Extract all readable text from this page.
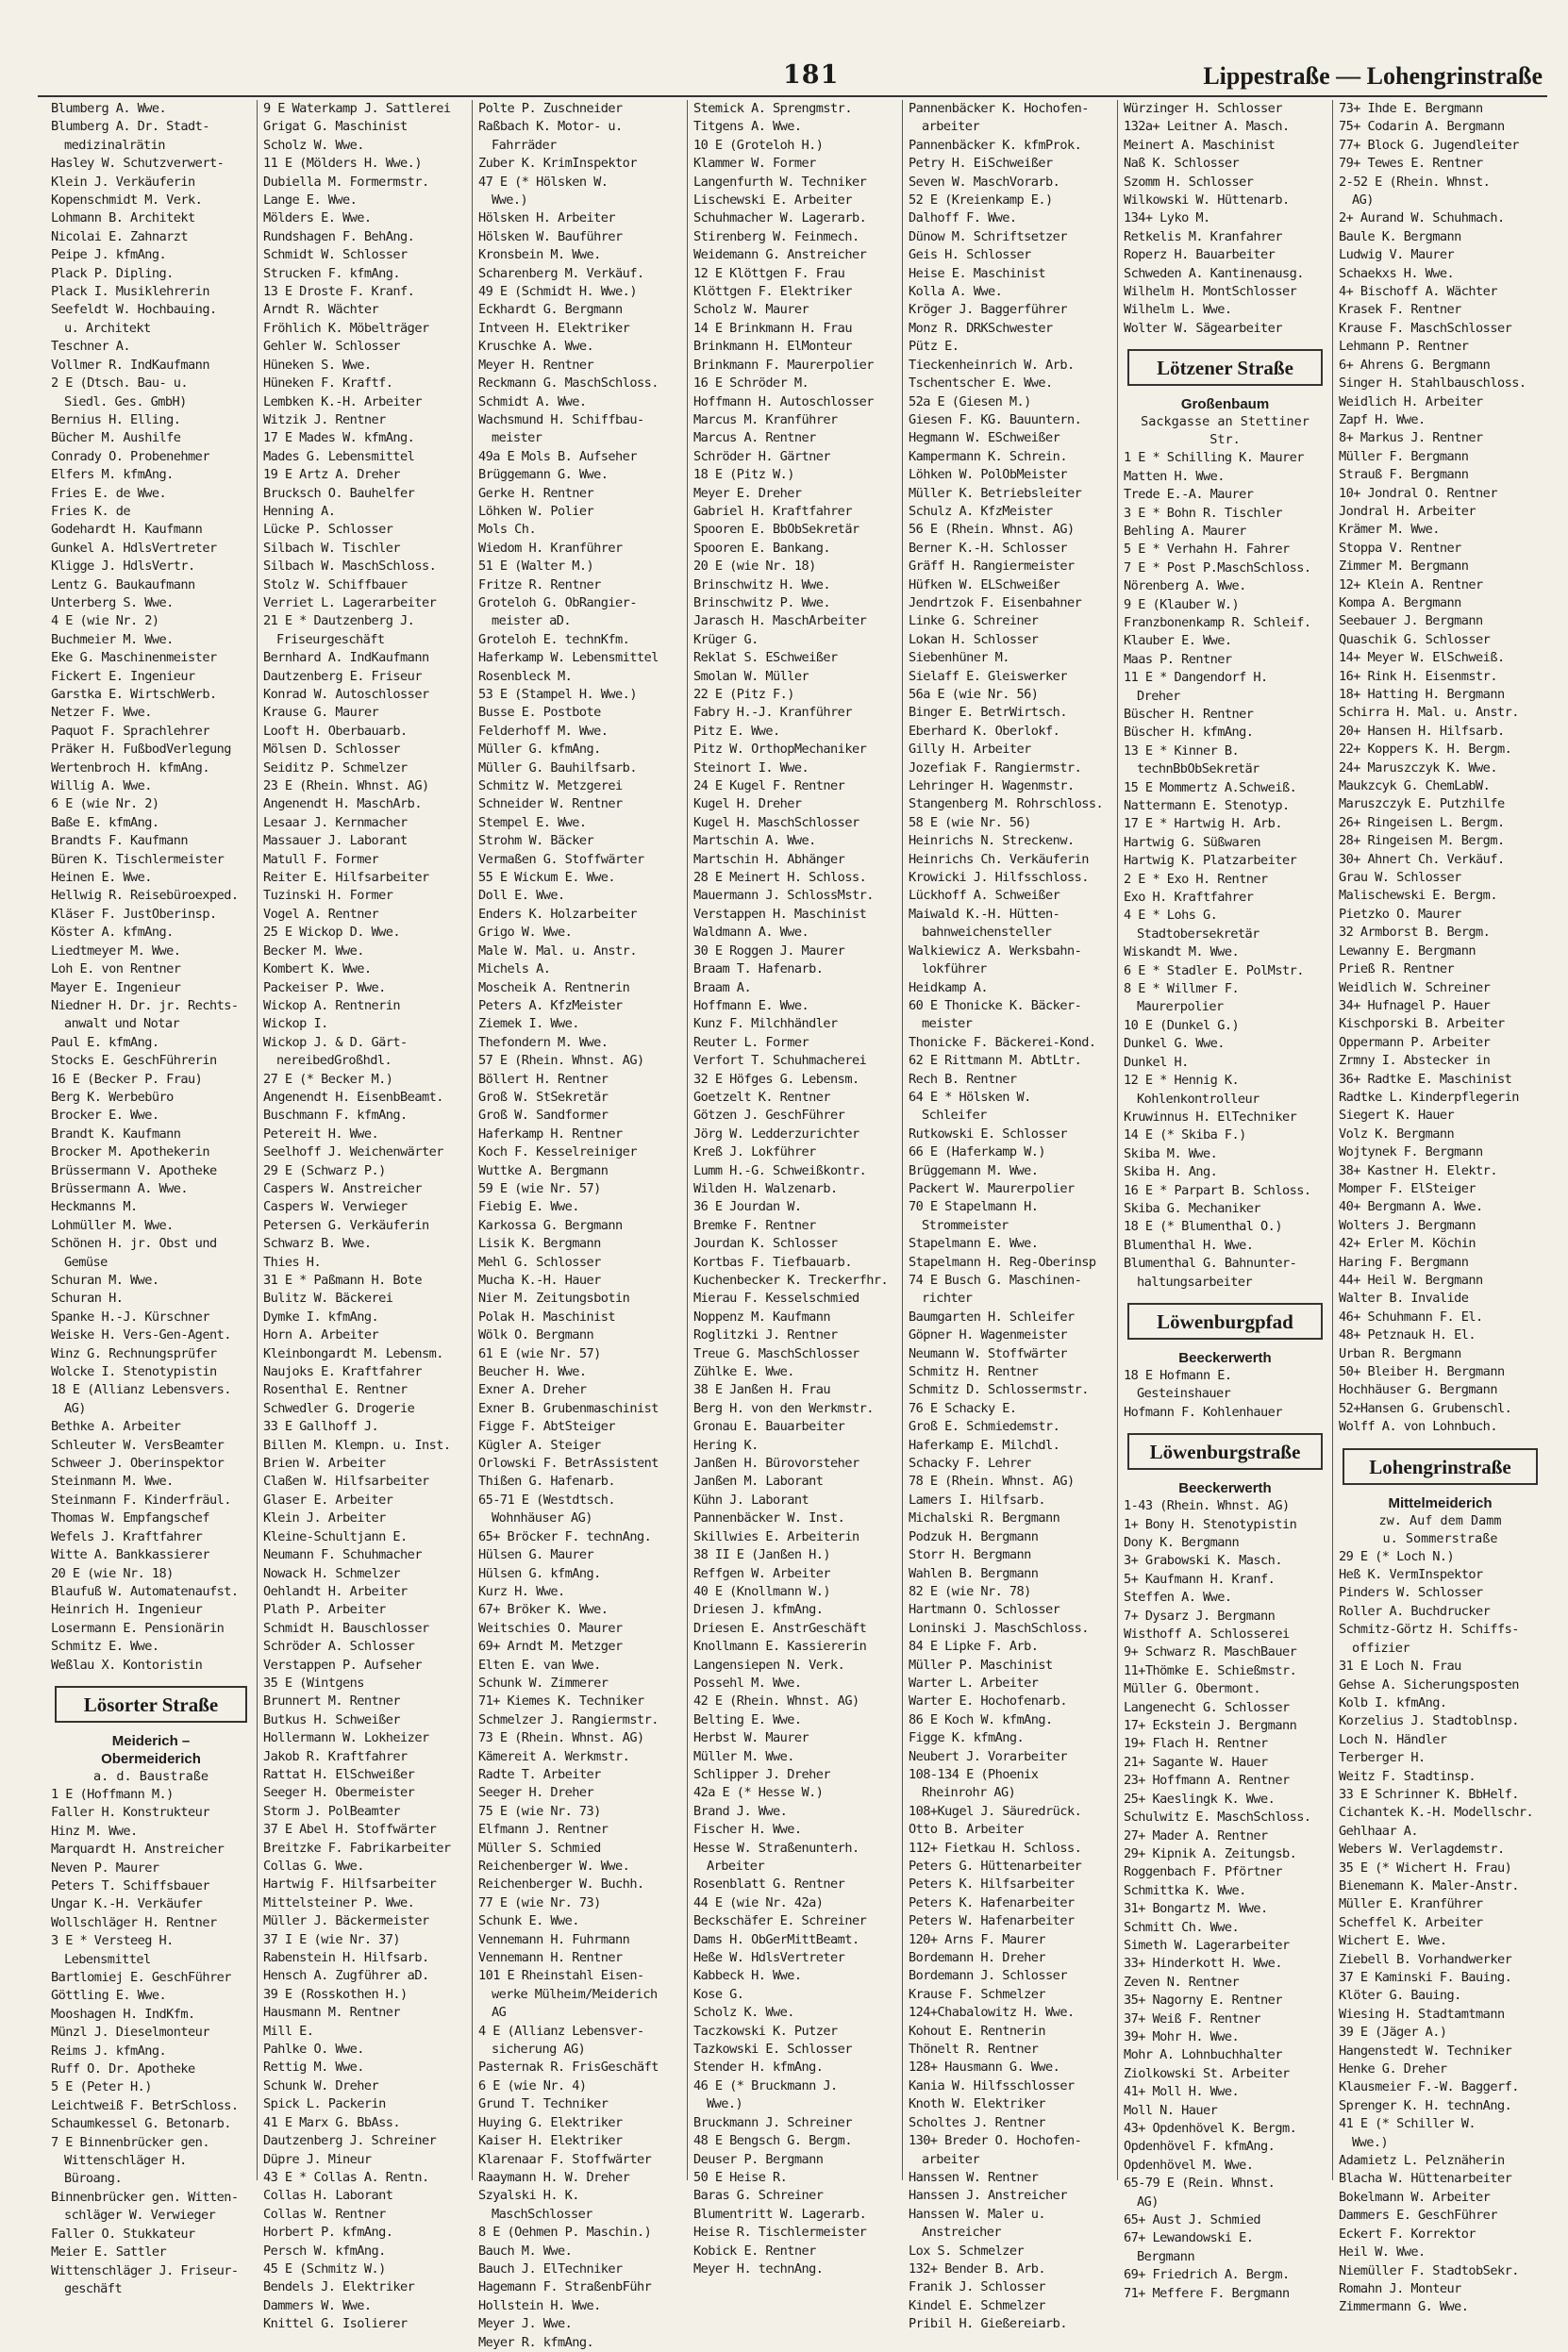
181	Lippestraße — Lohengrinstraße
Blumberg A. Wwe.
Blumberg A. Dr. Stadt-
medizinalrätin
Hasley W. Schutzverwert-
Klein J. Verkäuferin
Kopenschmidt M. Verk.
Lohmann B. Architekt
Nicolai E. Zahnarzt
Peipe J. kfmAng.
Plack P. Dipling.
Plack I. Musiklehrerin
Seefeldt W. Hochbauing.
u. Architekt
Teschner A.
Vollmer R. IndKaufmann
2 E (Dtsch. Bau- u.
Siedl. Ges. GmbH)
Bernius H. Elling.
Bücher M. Aushilfe
Conrady O. Probenehmer
Elfers M. kfmAng.
Fries E. de Wwe.
Fries K. de
Godehardt H. Kaufmann
Gunkel A. HdlsVertreter
Kligge J. HdlsVertr.
Lentz G. Baukaufmann
Unterberg S. Wwe.
4 E (wie Nr. 2)
Buchmeier M. Wwe.
Eke G. Maschinenmeister
Fickert E. Ingenieur
Garstka E. WirtschWerb.
Netzer F. Wwe.
Paquot F. Sprachlehrer
Präker H. FußbodVerlegung
Wertenbroch H. kfmAng.
Willig A. Wwe.
6 E (wie Nr. 2)
Baße E. kfmAng.
Brandts F. Kaufmann
Büren K. Tischlermeister
Heinen E. Wwe.
Hellwig R. Reisebüroexped.
Kläser F. JustOberinsp.
Köster A. kfmAng.
Liedtmeyer M. Wwe.
Loh E. von Rentner
Mayer E. Ingenieur
Niedner H. Dr. jr. Rechts-
anwalt und Notar
Paul E. kfmAng.
Stocks E. GeschFührerin
16 E (Becker P. Frau)
Berg K. Werbebüro
Brocker E. Wwe.
Brandt K. Kaufmann
Brocker M. Apothekerin
Brüssermann V. Apotheke
Brüssermann A. Wwe.
Heckmanns M.
Lohmüller M. Wwe.
Schönen H. jr. Obst und
Gemüse
Schuran M. Wwe.
Schuran H.
Spanke H.-J. Kürschner
Weiske H. Vers-Gen-Agent.
Winz G. Rechnungsprüfer
Wolcke I. Stenotypistin
18 E (Allianz Lebensvers.
AG)
Bethke A. Arbeiter
Schleuter W. VersBeamter
Schweer J. Oberinspektor
Steinmann M. Wwe.
Steinmann F. Kinderfräul.
Thomas W. Empfangschef
Wefels J. Kraftfahrer
Witte A. Bankkassierer
20 E (wie Nr. 18)
Blaufuß W. Automatenaufst.
Heinrich H. Ingenieur
Losermann E. Pensionärin
Schmitz E. Wwe.
Weßlau X. Kontoristin
Lösorter Straße
Meiderich –
Obermeiderich
a. d. Baustraße
1 E (Hoffmann M.)
Faller H. Konstrukteur
Hinz M. Wwe.
Marquardt H. Anstreicher
Neven P. Maurer
Peters T. Schiffsbauer
Ungar K.-H. Verkäufer
Wollschläger H. Rentner
3 E * Versteeg H.
Lebensmittel
Bartlomiej E. GeschFührer
Göttling E. Wwe.
Mooshagen H. IndKfm.
Münzl J. Dieselmonteur
Reims J. kfmAng.
Ruff O. Dr. Apotheke
5 E (Peter H.)
Leichtweiß F. BetrSchloss.
Schaumkessel G. Betonarb.
7 E Binnenbrücker gen.
Wittenschläger H.
Büroang.
Binnenbrücker gen. Witten-
schläger W. Verwieger
Faller O. Stukkateur
Meier E. Sattler
Wittenschläger J. Friseur-
geschäft
9 E Waterkamp J. Sattlerei
Grigat G. Maschinist
Scholz W. Wwe.
11 E (Mölders H. Wwe.)
Dubiella M. Formermstr.
Lange E. Wwe.
Mölders E. Wwe.
Rundshagen F. BehAng.
Schmidt W. Schlosser
Strucken F. kfmAng.
13 E Droste F. Kranf.
Arndt R. Wächter
Fröhlich K. Möbelträger
Gehler W. Schlosser
Hüneken S. Wwe.
Hüneken F. Kraftf.
Lembken K.-H. Arbeiter
Witzik J. Rentner
17 E Mades W. kfmAng.
Mades G. Lebensmittel
19 E Artz A. Dreher
Brucksch O. Bauhelfer
Henning A.
Lücke P. Schlosser
Silbach W. Tischler
Silbach W. MaschSchloss.
Stolz W. Schiffbauer
Verriet L. Lagerarbeiter
21 E * Dautzenberg J.
Friseurgeschäft
Bernhard A. IndKaufmann
Dautzenberg E. Friseur
Konrad W. Autoschlosser
Krause G. Maurer
Looft H. Oberbauarb.
Mölsen D. Schlosser
Seiditz P. Schmelzer
23 E (Rhein. Whnst. AG)
Angenendt H. MaschArb.
Lesaar J. Kernmacher
Massauer J. Laborant
Matull F. Former
Reiter E. Hilfsarbeiter
Tuzinski H. Former
Vogel A. Rentner
25 E Wickop D. Wwe.
Becker M. Wwe.
Kombert K. Wwe.
Packeiser P. Wwe.
Wickop A. Rentnerin
Wickop I.
Wickop J. & D. Gärt-
nereibedGroßhdl.
27 E (* Becker M.)
Angenendt H. EisenbBeamt.
Buschmann F. kfmAng.
Petereit H. Wwe.
Seelhoff J. Weichenwärter
29 E (Schwarz P.)
Caspers W. Anstreicher
Caspers W. Verwieger
Petersen G. Verkäuferin
Schwarz B. Wwe.
Thies H.
31 E * Paßmann H. Bote
Bulitz W. Bäckerei
Dymke I. kfmAng.
Horn A. Arbeiter
Kleinbongardt M. Lebensm.
Naujoks E. Kraftfahrer
Rosenthal E. Rentner
Schwedler G. Drogerie
33 E Gallhoff J.
Billen M. Klempn. u. Inst.
Brien W. Arbeiter
Claßen W. Hilfsarbeiter
Glaser E. Arbeiter
Klein J. Arbeiter
Kleine-Schultjann E.
Neumann F. Schuhmacher
Nowack H. Schmelzer
Oehlandt H. Arbeiter
Plath P. Arbeiter
Schmidt H. Bauschlosser
Schröder A. Schlosser
Verstappen P. Aufseher
35 E (Wintgens
Brunnert M. Rentner
Butkus H. Schweißer
Hollermann W. Lokheizer
Jakob R. Kraftfahrer
Rattat H. ElSchweißer
Seeger H. Obermeister
Storm J. PolBeamter
37 E Abel H. Stoffwärter
Breitzke F. Fabrikarbeiter
Collas G. Wwe.
Hartwig F. Hilfsarbeiter
Mittelsteiner P. Wwe.
Müller J. Bäckermeister
37 I E (wie Nr. 37)
Rabenstein H. Hilfsarb.
Hensch A. Zugführer aD.
39 E (Rosskothen H.)
Hausmann M. Rentner
Mill E.
Pahlke O. Wwe.
Rettig M. Wwe.
Schunk W. Dreher
Spick L. Packerin
41 E Marx G. BbAss.
Dautzenberg J. Schreiner
Düpre J. Mineur
43 E * Collas A. Rentn.
Collas H. Laborant
Collas W. Rentner
Horbert P. kfmAng.
Persch W. kfmAng.
45 E (Schmitz W.)
Bendels J. Elektriker
Dammers W. Wwe.
Knittel G. Isolierer
Polte P. Zuschneider
Raßbach K. Motor- u.
Fahrräder
Zuber K. KrimInspektor
47 E (* Hölsken W.
Wwe.)
Hölsken H. Arbeiter
Hölsken W. Bauführer
Kronsbein M. Wwe.
Scharenberg M. Verkäuf.
49 E (Schmidt H. Wwe.)
Eckhardt G. Bergmann
Intveen H. Elektriker
Kruschke A. Wwe.
Meyer H. Rentner
Reckmann G. MaschSchloss.
Schmidt A. Wwe.
Wachsmund H. Schiffbau-
meister
49a E Mols B. Aufseher
Brüggemann G. Wwe.
Gerke H. Rentner
Löhken W. Polier
Mols Ch.
Wiedom H. Kranführer
51 E (Walter M.)
Fritze R. Rentner
Groteloh G. ObRangier-
meister aD.
Groteloh E. technKfm.
Haferkamp W. Lebensmittel
Rosenbleck M.
53 E (Stampel H. Wwe.)
Busse E. Postbote
Felderhoff M. Wwe.
Müller G. kfmAng.
Müller G. Bauhilfsarb.
Schmitz W. Metzgerei
Schneider W. Rentner
Stempel E. Wwe.
Strohm W. Bäcker
Vermaßen G. Stoffwärter
55 E Wickum E. Wwe.
Doll E. Wwe.
Enders K. Holzarbeiter
Grigo W. Wwe.
Male W. Mal. u. Anstr.
Michels A.
Moscheik A. Rentnerin
Peters A. KfzMeister
Ziemek I. Wwe.
Thefondern M. Wwe.
57 E (Rhein. Whnst. AG)
Böllert H. Rentner
Groß W. StSekretär
Groß W. Sandformer
Haferkamp H. Rentner
Koch F. Kesselreiniger
Wuttke A. Bergmann
59 E (wie Nr. 57)
Fiebig E. Wwe.
Karkossa G. Bergmann
Lisik K. Bergmann
Mehl G. Schlosser
Mucha K.-H. Hauer
Nier M. Zeitungsbotin
Polak H. Maschinist
Wölk O. Bergmann
61 E (wie Nr. 57)
Beucher H. Wwe.
Exner A. Dreher
Exner B. Grubenmaschinist
Figge F. AbtSteiger
Kügler A. Steiger
Orlowski F. BetrAssistent
Thißen G. Hafenarb.
65-71 E (Westdtsch.
Wohnhäuser AG)
65+ Bröcker F. technAng.
Hülsen G. Maurer
Hülsen G. kfmAng.
Kurz H. Wwe.
67+ Bröker K. Wwe.
Weitschies O. Maurer
69+ Arndt M. Metzger
Elten E. van Wwe.
Schunk W. Zimmerer
71+ Kiemes K. Techniker
Schmelzer J. Rangiermstr.
73 E (Rhein. Whnst. AG)
Kämereit A. Werkmstr.
Radte T. Arbeiter
Seeger H. Dreher
75 E (wie Nr. 73)
Elfmann J. Rentner
Müller S. Schmied
Reichenberger W. Wwe.
Reichenberger W. Buchh.
77 E (wie Nr. 73)
Schunk E. Wwe.
Vennemann H. Fuhrmann
Vennemann H. Rentner
101 E Rheinstahl Eisen-
werke Mülheim/Meiderich
AG
4 E (Allianz Lebensver-
sicherung AG)
Pasternak R. FrisGeschäft
6 E (wie Nr. 4)
Grund T. Techniker
Huying G. Elektriker
Kaiser H. Elektriker
Klarenaar F. Stoffwärter
Raaymann H. W. Dreher
Szyalski H. K.
MaschSchlosser
8 E (Oehmen P. Maschin.)
Bauch M. Wwe.
Bauch J. ElTechniker
Hagemann F. StraßenbFühr
Hollstein H. Wwe.
Meyer J. Wwe.
Meyer R. kfmAng.
Stemick A. Sprengmstr.
Titgens A. Wwe.
10 E (Groteloh H.)
Klammer W. Former
Langenfurth W. Techniker
Lischewski E. Arbeiter
Schuhmacher W. Lagerarb.
Stirenberg W. Feinmech.
Weidemann G. Anstreicher
12 E Klöttgen F. Frau
Klöttgen F. Elektriker
Scholz W. Maurer
14 E Brinkmann H. Frau
Brinkmann H. ElMonteur
Brinkmann F. Maurerpolier
16 E Schröder M.
Hoffmann H. Autoschlosser
Marcus M. Kranführer
Marcus A. Rentner
Schröder H. Gärtner
18 E (Pitz W.)
Meyer E. Dreher
Gabriel H. Kraftfahrer
Spooren E. BbObSekretär
Spooren E. Bankang.
20 E (wie Nr. 18)
Brinschwitz H. Wwe.
Brinschwitz P. Wwe.
Jarasch H. MaschArbeiter
Krüger G.
Reklat S. ESchweißer
Smolan W. Müller
22 E (Pitz F.)
Fabry H.-J. Kranführer
Pitz E. Wwe.
Pitz W. OrthopMechaniker
Steinort I. Wwe.
24 E Kugel F. Rentner
Kugel H. Dreher
Kugel H. MaschSchlosser
Martschin A. Wwe.
Martschin H. Abhänger
28 E Meinert H. Schloss.
Mauermann J. SchlossMstr.
Verstappen H. Maschinist
Waldmann A. Wwe.
30 E Roggen J. Maurer
Braam T. Hafenarb.
Braam A.
Hoffmann E. Wwe.
Kunz F. Milchhändler
Reuter L. Former
Verfort T. Schuhmacherei
32 E Höfges G. Lebensm.
Goetzelt K. Rentner
Götzen J. GeschFührer
Jörg W. Ledderzurichter
Kreß J. Lokführer
Lumm H.-G. Schweißkontr.
Wilden H. Walzenarb.
36 E Jourdan W.
Bremke F. Rentner
Jourdan K. Schlosser
Kortbas F. Tiefbauarb.
Kuchenbecker K. Treckerfhr.
Mierau F. Kesselschmied
Noppenz M. Kaufmann
Roglitzki J. Rentner
Treue G. MaschSchlosser
Zühlke E. Wwe.
38 E Janßen H. Frau
Berg H. von den Werkmstr.
Gronau E. Bauarbeiter
Hering K.
Janßen H. Bürovorsteher
Janßen M. Laborant
Kühn J. Laborant
Pannenbäcker W. Inst.
Skillwies E. Arbeiterin
38 II E (Janßen H.)
Reffgen W. Arbeiter
40 E (Knollmann W.)
Driesen J. kfmAng.
Driesen E. AnstrGeschäft
Knollmann E. Kassiererin
Langensiepen N. Verk.
Possehl M. Wwe.
42 E (Rhein. Whnst. AG)
Belting E. Wwe.
Herbst W. Maurer
Müller M. Wwe.
Schlipper J. Dreher
42a E (* Hesse W.)
Brand J. Wwe.
Fischer H. Wwe.
Hesse W. Straßenunterh.
Arbeiter
Rosenblatt G. Rentner
44 E (wie Nr. 42a)
Beckschäfer E. Schreiner
Dams H. ObGerMittBeamt.
Heße W. HdlsVertreter
Kabbeck H. Wwe.
Kose G.
Scholz K. Wwe.
Taczkowski K. Putzer
Tazkowski E. Schlosser
Stender H. kfmAng.
46 E (* Bruckmann J.
Wwe.)
Bruckmann J. Schreiner
48 E Bengsch G. Bergm.
Deuser P. Bergmann
50 E Heise R.
Baras G. Schreiner
Blumentritt W. Lagerarb.
Heise R. Tischlermeister
Kobick E. Rentner
Meyer H. technAng.
Pannenbäcker K. Hochofen-
arbeiter
Pannenbäcker K. kfmProk.
Petry H. EiSchweißer
Seven W. MaschVorarb.
52 E (Kreienkamp E.)
Dalhoff F. Wwe.
Dünow M. Schriftsetzer
Geis H. Schlosser
Heise E. Maschinist
Kolla A. Wwe.
Kröger J. Baggerführer
Monz R. DRKSchwester
Pütz E.
Tieckenheinrich W. Arb.
Tschentscher E. Wwe.
52a E (Giesen M.)
Giesen F. KG. Bauuntern.
Hegmann W. ESchweißer
Kampermann K. Schrein.
Löhken W. PolObMeister
Müller K. Betriebsleiter
Schulz A. KfzMeister
56 E (Rhein. Whnst. AG)
Berner K.-H. Schlosser
Gräff H. Rangiermeister
Hüfken W. ELSchweißer
Jendrtzok F. Eisenbahner
Linke G. Schreiner
Lokan H. Schlosser
Siebenhüner M.
Sielaff E. Gleiswerker
56a E (wie Nr. 56)
Binger E. BetrWirtsch.
Eberhard K. Oberlokf.
Gilly H. Arbeiter
Jozefiak F. Rangiermstr.
Lehringer H. Wagenmstr.
Stangenberg M. Rohrschloss.
58 E (wie Nr. 56)
Heinrichs N. Streckenw.
Heinrichs Ch. Verkäuferin
Krowicki J. Hilfsschloss.
Lückhoff A. Schweißer
Maiwald K.-H. Hütten-
bahnweichensteller
Walkiewicz A. Werksbahn-
lokführer
Heidkamp A.
60 E Thonicke K. Bäcker-
meister
Thonicke F. Bäckerei-Kond.
62 E Rittmann M. AbtLtr.
Rech B. Rentner
64 E * Hölsken W.
Schleifer
Rutkowski E. Schlosser
66 E (Haferkamp W.)
Brüggemann M. Wwe.
Packert W. Maurerpolier
70 E Stapelmann H.
Strommeister
Stapelmann E. Wwe.
Stapelmann H. Reg-Oberinsp
74 E Busch G. Maschinen-
richter
Baumgarten H. Schleifer
Göpner H. Wagenmeister
Neumann W. Stoffwärter
Schmitz H. Rentner
Schmitz D. Schlossermstr.
76 E Schacky E.
Groß E. Schmiedemstr.
Haferkamp E. Milchdl.
Schacky F. Lehrer
78 E (Rhein. Whnst. AG)
Lamers I. Hilfsarb.
Michalski R. Bergmann
Podzuk H. Bergmann
Storr H. Bergmann
Wahlen B. Bergmann
82 E (wie Nr. 78)
Hartmann O. Schlosser
Loninski J. MaschSchloss.
84 E Lipke F. Arb.
Müller P. Maschinist
Warter L. Arbeiter
Warter E. Hochofenarb.
86 E Koch W. kfmAng.
Figge K. kfmAng.
Neubert J. Vorarbeiter
108-134 E (Phoenix
Rheinrohr AG)
108+Kugel J. Säuredrück.
Otto B. Arbeiter
112+ Fietkau H. Schloss.
Peters G. Hüttenarbeiter
Peters K. Hilfsarbeiter
Peters K. Hafenarbeiter
Peters W. Hafenarbeiter
120+ Arns F. Maurer
Bordemann H. Dreher
Bordemann J. Schlosser
Krause F. Schmelzer
124+Chabalowitz H. Wwe.
Kohout E. Rentnerin
Thönelt R. Rentner
128+ Hausmann G. Wwe.
Kania W. Hilfsschlosser
Knoth W. Elektriker
Scholtes J. Rentner
130+ Breder O. Hochofen-
arbeiter
Hanssen W. Rentner
Hanssen J. Anstreicher
Hanssen W. Maler u.
Anstreicher
Lox S. Schmelzer
132+ Bender B. Arb.
Franik J. Schlosser
Kindel E. Schmelzer
Pribil H. Gießereiarb.
Würzinger H. Schlosser
132a+ Leitner A. Masch.
Meinert A. Maschinist
Naß K. Schlosser
Szomm H. Schlosser
Wilkowski W. Hüttenarb.
134+ Lyko M.
Retkelis M. Kranfahrer
Roperz H. Bauarbeiter
Schweden A. Kantinenausg.
Wilhelm H. MontSchlosser
Wilhelm L. Wwe.
Wolter W. Sägearbeiter
Lötzener Straße
Großenbaum
Sackgasse an Stettiner Str.
1 E * Schilling K. Maurer
Matten H. Wwe.
Trede E.-A. Maurer
3 E * Bohn R. Tischler
Behling A. Maurer
5 E * Verhahn H. Fahrer
7 E * Post P.MaschSchloss.
Nörenberg A. Wwe.
9 E (Klauber W.)
Franzbonenkamp R. Schleif.
Klauber E. Wwe.
Maas P. Rentner
11 E * Dangendorf H.
Dreher
Büscher H. Rentner
Büscher H. kfmAng.
13 E * Kinner B.
technBbObSekretär
15 E Mommertz A.Schweiß.
Nattermann E. Stenotyp.
17 E * Hartwig H. Arb.
Hartwig G. Süßwaren
Hartwig K. Platzarbeiter
2 E * Exo H. Rentner
Exo H. Kraftfahrer
4 E * Lohs G.
Stadtobersekretär
Wiskandt M. Wwe.
6 E * Stadler E. PolMstr.
8 E * Willmer F.
Maurerpolier
10 E (Dunkel G.)
Dunkel G. Wwe.
Dunkel H.
12 E * Hennig K.
Kohlenkontrolleur
Kruwinnus H. ElTechniker
14 E (* Skiba F.)
Skiba M. Wwe.
Skiba H. Ang.
16 E * Parpart B. Schloss.
Skiba G. Mechaniker
18 E (* Blumenthal O.)
Blumenthal H. Wwe.
Blumenthal G. Bahnunter-
haltungsarbeiter
Löwenburgpfad
Beeckerwerth
18 E Hofmann E.
Gesteinshauer
Hofmann F. Kohlenhauer
Löwenburgstraße
Beeckerwerth
1-43 (Rhein. Whnst. AG)
1+ Bony H. Stenotypistin
Dony K. Bergmann
3+ Grabowski K. Masch.
5+ Kaufmann H. Kranf.
Steffen A. Wwe.
7+ Dysarz J. Bergmann
Wisthoff A. Schlosserei
9+ Schwarz R. MaschBauer
11+Thömke E. Schießmstr.
Müller G. Obermont.
Langenecht G. Schlosser
17+ Eckstein J. Bergmann
19+ Flach H. Rentner
21+ Sagante W. Hauer
23+ Hoffmann A. Rentner
25+ Kaeslingk K. Wwe.
Schulwitz E. MaschSchloss.
27+ Mader A. Rentner
29+ Kipnik A. Zeitungsb.
Roggenbach F. Pförtner
Schmittka K. Wwe.
31+ Bongartz M. Wwe.
Schmitt Ch. Wwe.
Simeth W. Lagerarbeiter
33+ Hinderkott H. Wwe.
Zeven N. Rentner
35+ Nagorny E. Rentner
37+ Weiß F. Rentner
39+ Mohr H. Wwe.
Mohr A. Lohnbuchhalter
Ziolkowski St. Arbeiter
41+ Moll H. Wwe.
Moll N. Hauer
43+ Opdenhövel K. Bergm.
Opdenhövel F. kfmAng.
Opdenhövel M. Wwe.
65-79 E (Rein. Whnst.
AG)
65+ Aust J. Schmied
67+ Lewandowski E.
Bergmann
69+ Friedrich A. Bergm.
71+ Meffere F. Bergmann
73+ Ihde E. Bergmann
75+ Codarin A. Bergmann
77+ Block G. Jugendleiter
79+ Tewes E. Rentner
2-52 E (Rhein. Whnst.
AG)
2+ Aurand W. Schuhmach.
Baule K. Bergmann
Ludwig V. Maurer
Schaekxs H. Wwe.
4+ Bischoff A. Wächter
Krasek F. Rentner
Krause F. MaschSchlosser
Lehmann P. Rentner
6+ Ahrens G. Bergmann
Singer H. Stahlbauschloss.
Weidlich H. Arbeiter
Zapf H. Wwe.
8+ Markus J. Rentner
Müller F. Bergmann
Strauß F. Bergmann
10+ Jondral O. Rentner
Jondral H. Arbeiter
Krämer M. Wwe.
Stoppa V. Rentner
Zimmer M. Bergmann
12+ Klein A. Rentner
Kompa A. Bergmann
Seebauer J. Bergmann
Quaschik G. Schlosser
14+ Meyer W. ElSchweiß.
16+ Rink H. Eisenmstr.
18+ Hatting H. Bergmann
Schirra H. Mal. u. Anstr.
20+ Hansen H. Hilfsarb.
22+ Koppers K. H. Bergm.
24+ Maruszczyk K. Wwe.
Maukzcyk G. ChemLabW.
Maruszczyk E. Putzhilfe
26+ Ringeisen L. Bergm.
28+ Ringeisen M. Bergm.
30+ Ahnert Ch. Verkäuf.
Grau W. Schlosser
Malischewski E. Bergm.
Pietzko O. Maurer
32 Armborst B. Bergm.
Lewanny E. Bergmann
Prieß R. Rentner
Weidlich W. Schreiner
34+ Hufnagel P. Hauer
Kischporski B. Arbeiter
Oppermann P. Arbeiter
Zrmny I. Abstecker in
36+ Radtke E. Maschinist
Radtke L. Kinderpflegerin
Siegert K. Hauer
Volz K. Bergmann
Wojtynek F. Bergmann
38+ Kastner H. Elektr.
Momper F. ElSteiger
40+ Bergmann A. Wwe.
Wolters J. Bergmann
42+ Erler M. Köchin
Haring F. Bergmann
44+ Heil W. Bergmann
Walter B. Invalide
46+ Schuhmann F. El.
48+ Petznauk H. El.
Urban R. Bergmann
50+ Bleiber H. Bergmann
Hochhäuser G. Bergmann
52+Hansen G. Grubenschl.
Wolff A. von Lohnbuch.
Lohengrinstraße
Mittelmeiderich
zw. Auf dem Damm
u. Sommerstraße
29 E (* Loch N.)
Heß K. VermInspektor
Pinders W. Schlosser
Roller A. Buchdrucker
Schmitz-Görtz H. Schiffs-
offizier
31 E Loch N. Frau
Gehse A. Sicherungsposten
Kolb I. kfmAng.
Korzelius J. Stadtoblnsp.
Loch N. Händler
Terberger H.
Weitz F. Stadtinsp.
33 E Schrinner K. BbHelf.
Cichantek K.-H. Modellschr.
Gehlhaar A.
Webers W. Verlagdemstr.
35 E (* Wichert H. Frau)
Bienemann K. Maler-Anstr.
Müller E. Kranführer
Scheffel K. Arbeiter
Wichert E. Wwe.
Ziebell B. Vorhandwerker
37 E Kaminski F. Bauing.
Klöter G. Bauing.
Wiesing H. Stadtamtmann
39 E (Jäger A.)
Hangenstedt W. Techniker
Henke G. Dreher
Klausmeier F.-W. Baggerf.
Sprenger K. H. technAng.
41 E (* Schiller W.
Wwe.)
Adamietz L. Pelznäherin
Blacha W. Hüttenarbeiter
Bokelmann W. Arbeiter
Dammers E. GeschFührer
Eckert F. Korrektor
Heil W. Wwe.
Niemüller F. StadtobSekr.
Romahn J. Monteur
Zimmermann G. Wwe.
